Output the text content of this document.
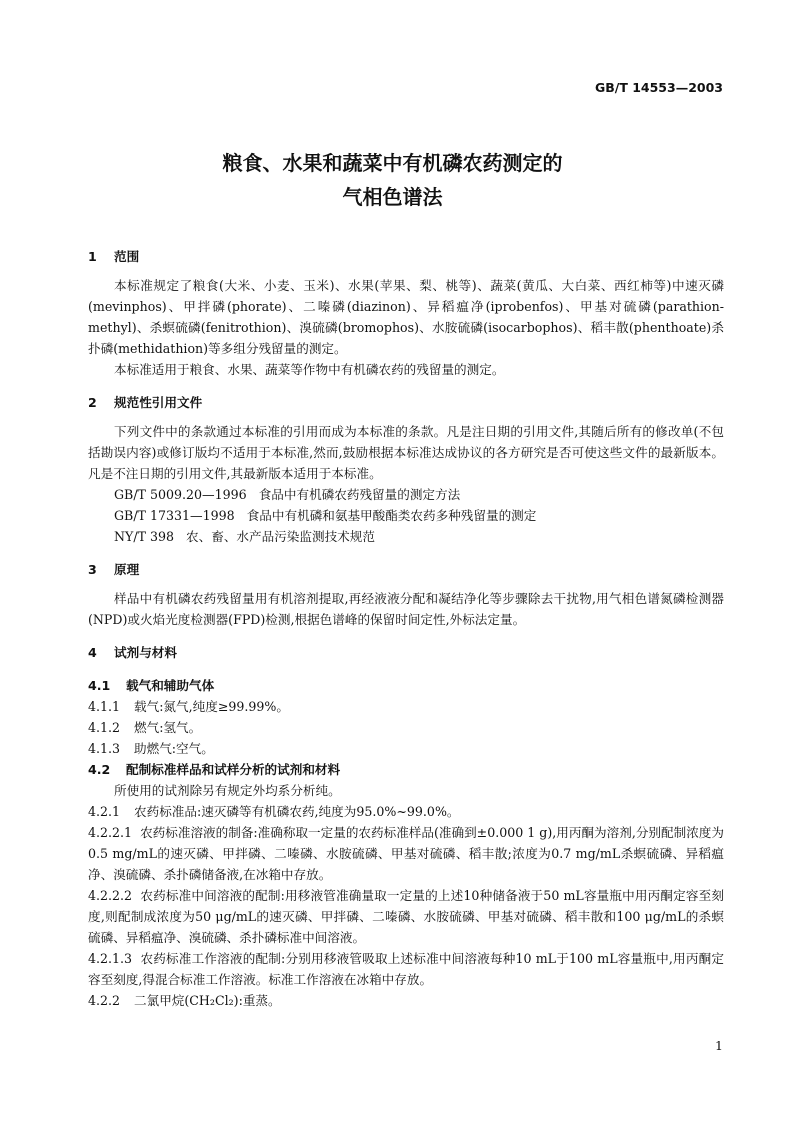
GB/T 14553—2003
粮食、水果和蔬菜中有机磷农药测定的
气相色谱法

1 范围

本标准规定了粮食(大米、小麦、玉米)、水果(苹果、梨、桃等)、蔬菜(黄瓜、大白菜、西红柿等)中速灭磷(mevinphos)、甲拌磷(phorate)、二嗪磷(diazinon)、异稻瘟净(iprobenfos)、甲基对硫磷(parathion-methyl)、杀螟硫磷(fenitrothion)、溴硫磷(bromophos)、水胺硫磷(isocarbophos)、稻丰散(phenthoate)杀扑磷(methidathion)等多组分残留量的测定。

本标准适用于粮食、水果、蔬菜等作物中有机磷农药的残留量的测定。

2 规范性引用文件

下列文件中的条款通过本标准的引用而成为本标准的条款。凡是注日期的引用文件,其随后所有的修改单(不包括勘误内容)或修订版均不适用于本标准,然而,鼓励根据本标准达成协议的各方研究是否可使这些文件的最新版本。凡是不注日期的引用文件,其最新版本适用于本标准。

GB/T 5009.20—1996 食品中有机磷农药残留量的测定方法

GB/T 17331—1998 食品中有机磷和氨基甲酸酯类农药多种残留量的测定

NY/T 398 农、畜、水产品污染监测技术规范

3 原理

样品中有机磷农药残留量用有机溶剂提取,再经液液分配和凝结净化等步骤除去干扰物,用气相色谱氮磷检测器(NPD)或火焰光度检测器(FPD)检测,根据色谱峰的保留时间定性,外标法定量。

4 试剂与材料

4.1 载气和辅助气体

4.1.1 载气:氮气,纯度≥99.99%。

4.1.2 燃气:氢气。

4.1.3 助燃气:空气。

4.2 配制标准样品和试样分析的试剂和材料

所使用的试剂除另有规定外均系分析纯。

4.2.1 农药标准品:速灭磷等有机磷农药,纯度为95.0%~99.0%。

4.2.2.1 农药标准溶液的制备:准确称取一定量的农药标准样品(准确到±0.000 1 g),用丙酮为溶剂,分别配制浓度为0.5 mg/mL的速灭磷、甲拌磷、二嗪磷、水胺硫磷、甲基对硫磷、稻丰散;浓度为0.7 mg/mL杀螟硫磷、异稻瘟净、溴硫磷、杀扑磷储备液,在冰箱中存放。

4.2.2.2 农药标准中间溶液的配制:用移液管准确量取一定量的上述10种储备液于50 mL容量瓶中用丙酮定容至刻度,则配制成浓度为50 μg/mL的速灭磷、甲拌磷、二嗪磷、水胺硫磷、甲基对硫磷、稻丰散和100 μg/mL的杀螟硫磷、异稻瘟净、溴硫磷、杀扑磷标准中间溶液。

4.2.1.3 农药标准工作溶液的配制:分别用移液管吸取上述标准中间溶液每种10 mL于100 mL容量瓶中,用丙酮定容至刻度,得混合标准工作溶液。标准工作溶液在冰箱中存放。

4.2.2 二氯甲烷(CH₂Cl₂):重蒸。

1
